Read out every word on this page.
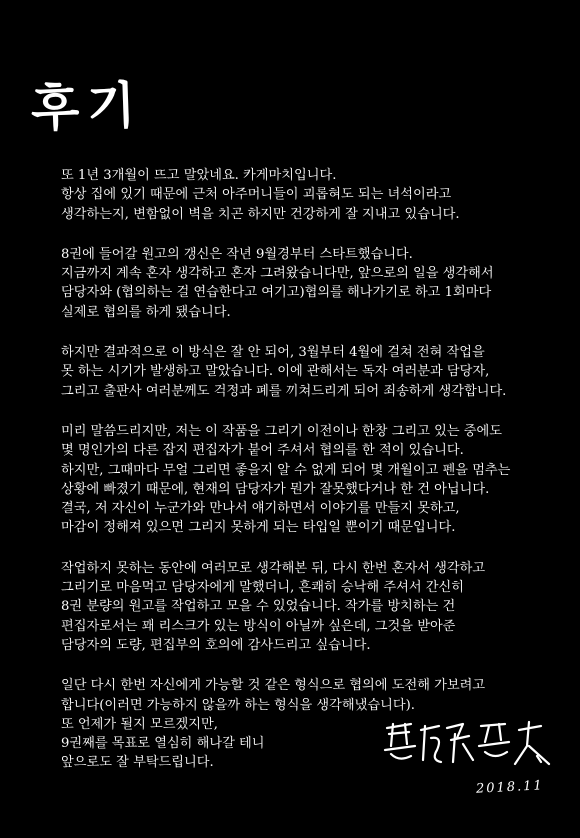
후기

또 1년 3개월이 뜨고 말았네요. 카게마치입니다.
항상 집에 있기 때문에 근처 아주머니들이 괴롭혀도 되는 녀석이라고
생각하는지, 변함없이 벽을 치곤 하지만 건강하게 잘 지내고 있습니다.

8권에 들어갈 원고의 갱신은 작년 9월경부터 스타트했습니다.
지금까지 계속 혼자 생각하고 혼자 그려왔습니다만, 앞으로의 일을 생각해서
담당자와 (협의하는 걸 연습한다고 여기고)협의를 해나가기로 하고 1회마다
실제로 협의를 하게 됐습니다.

하지만 결과적으로 이 방식은 잘 안 되어, 3월부터 4월에 걸쳐 전혀 작업을
못 하는 시기가 발생하고 말았습니다. 이에 관해서는 독자 여러분과 담당자,
그리고 출판사 여러분께도 걱정과 폐를 끼쳐드리게 되어 죄송하게 생각합니다.

미리 말씀드리지만, 저는 이 작품을 그리기 이전이나 한창 그리고 있는 중에도
몇 명인가의 다른 잡지 편집자가 붙어 주셔서 협의를 한 적이 있습니다.
하지만, 그때마다 무얼 그리면 좋을지 알 수 없게 되어 몇 개월이고 펜을 멈추는
상황에 빠졌기 때문에, 현재의 담당자가 뭔가 잘못했다거나 한 건 아닙니다.
결국, 저 자신이 누군가와 만나서 얘기하면서 이야기를 만들지 못하고,
마감이 정해져 있으면 그리지 못하게 되는 타입일 뿐이기 때문입니다.

작업하지 못하는 동안에 여러모로 생각해본 뒤, 다시 한번 혼자서 생각하고
그리기로 마음먹고 담당자에게 말했더니, 흔쾌히 승낙해 주셔서 간신히
8권 분량의 원고를 작업하고 모을 수 있었습니다. 작가를 방치하는 건
편집자로서는 꽤 리스크가 있는 방식이 아닐까 싶은데, 그것을 받아준
담당자의 도량, 편집부의 호의에 감사드리고 싶습니다.

일단 다시 한번 자신에게 가능할 것 같은 형식으로 협의에 도전해 가보려고
합니다(이러면 가능하지 않을까 하는 형식을 생각해냈습니다).
또 언제가 될지 모르겠지만,
9권째를 목표로 열심히 해나갈 테니
앞으로도 잘 부탁드립니다.

2018.11
